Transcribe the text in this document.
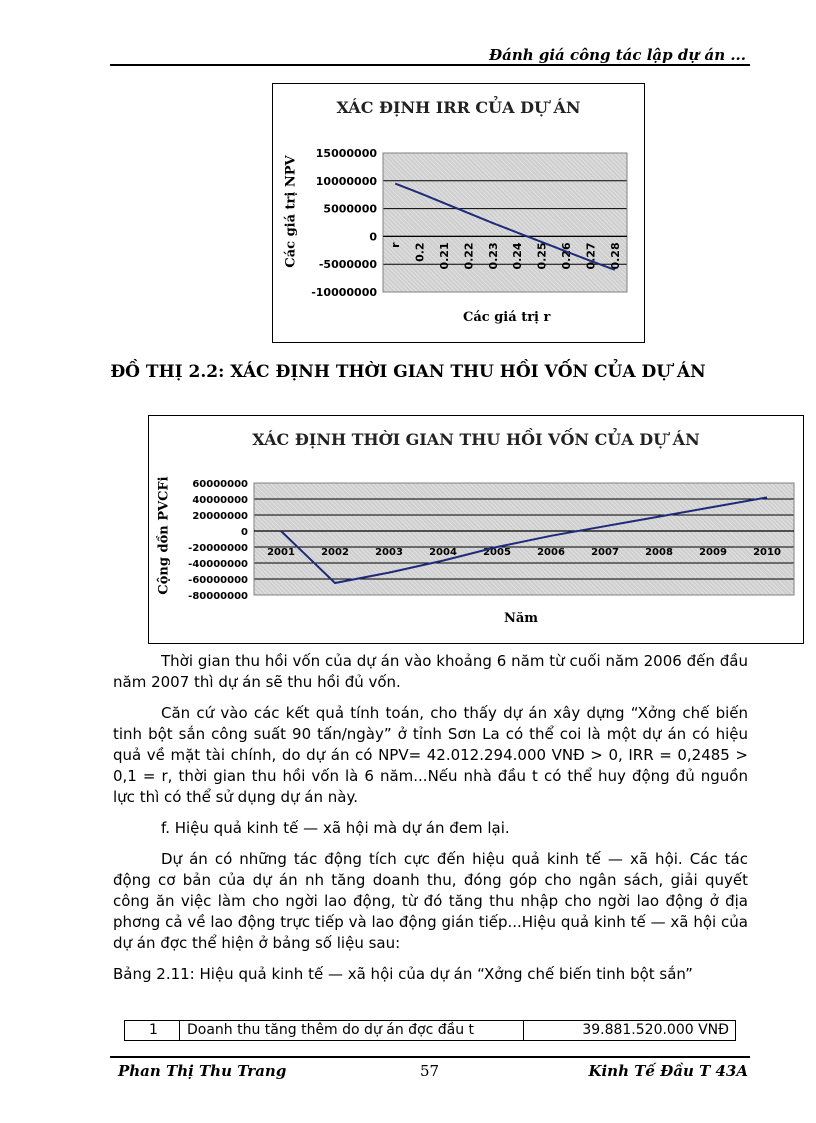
Đánh giá công tác lập dự án ...
XÁC ĐỊNH IRR CỦA DỰ ÁN
Các giá trị NPV
15000000
10000000
5000000
0
-5000000
-10000000
r 0.2 0.21 0.22 0.23 0.24 0.25 0.26 0.27 0.28
Các giá trị r
ĐỒ THỊ 2.2: XÁC ĐỊNH THỜI GIAN THU HỒI VỐN CỦA DỰ ÁN
XÁC ĐỊNH THỜI GIAN THU HỒI VỐN CỦA DỰ ÁN
Cộng dồn PVCFi 60000000
40000000
20000000
0
-20000000
-40000000
-60000000
-80000000
2001	2002	2003	2004	2005	2006	2007	2008	2009	2010
Năm

Thời gian thu hồi vốn của dự án vào khoảng 6 năm từ cuối năm 2006 đến đầu năm 2007 thì dự án sẽ thu hồi đủ vốn.

Căn cứ vào các kết quả tính toán, cho thấy dự án xây dựng “Xởng chế biến tinh bột sắn công suất 90 tấn/ngày” ở tỉnh Sơn La có thể coi là một dự án có hiệu quả về mặt tài chính, do dự án có NPV= 42.012.294.000 VNĐ > 0, IRR = 0,2485 > 0,1 = r, thời gian thu hồi vốn là 6 năm...Nếu nhà đầu t có thể huy động đủ nguồn lực thì có thể sử dụng dự án này.

f. Hiệu quả kinh tế — xã hội mà dự án đem lại.

Dự án có những tác động tích cực đến hiệu quả kinh tế — xã hội. Các tác động cơ bản của dự án nh tăng doanh thu, đóng góp cho ngân sách, giải quyết công ăn việc làm cho ngời lao động, từ đó tăng thu nhập cho ngời lao động ở địa phơng cả về lao động trực tiếp và lao động gián tiếp...Hiệu quả kinh tế — xã hội của dự án đợc thể hiện ở bảng số liệu sau:

Bảng 2.11: Hiệu quả kinh tế — xã hội của dự án “Xởng chế biến tinh bột sắn”

1 Doanh thu tăng thêm do dự án đợc đầu t	39.881.520.000 VNĐ
Phan Thị Thu Trang	57	Kinh Tế Đầu T 43A
